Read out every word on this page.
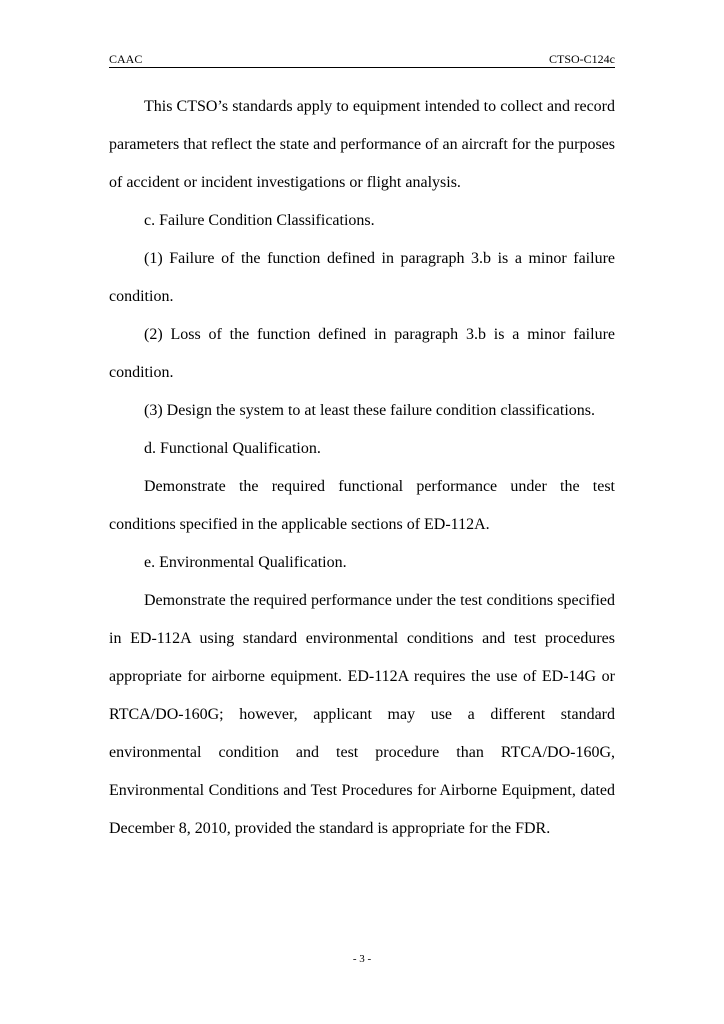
CAAC	CTSO-C124c

This CTSO’s standards apply to equipment intended to collect and record parameters that reflect the state and performance of an aircraft for the purposes of accident or incident investigations or flight analysis.

c. Failure Condition Classifications.

(1) Failure of the function defined in paragraph 3.b is a minor failure condition.

(2) Loss of the function defined in paragraph 3.b is a minor failure condition.

(3) Design the system to at least these failure condition classifications.

d. Functional Qualification.

Demonstrate the required functional performance under the test conditions specified in the applicable sections of ED-112A.

e. Environmental Qualification.

Demonstrate the required performance under the test conditions specified in ED-112A using standard environmental conditions and test procedures appropriate for airborne equipment. ED-112A requires the use of ED-14G or RTCA/DO-160G; however, applicant may use a different standard environmental condition and test procedure than RTCA/DO-160G, Environmental Conditions and Test Procedures for Airborne Equipment, dated December 8, 2010, provided the standard is appropriate for the FDR.

- 3 -
